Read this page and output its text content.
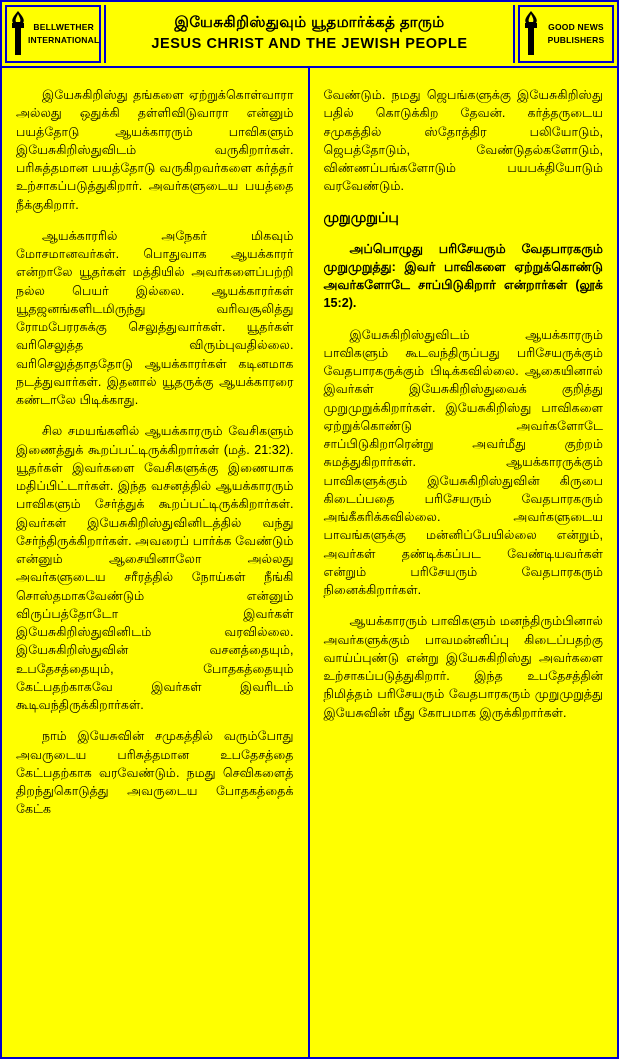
BELLWETHER
INTERNATIONAL
இயேசுகிறிஸ்துவும் யூதமார்க்கத் தாரும்
JESUS CHRIST AND THE JEWISH PEOPLE
GOOD NEWS
PUBLISHERS

இயேசுகிறிஸ்து தங்களை ஏற்றுக்கொள்வாரா அல்லது ஒதுக்கி தள்ளிவிடுவாரா என்னும் பயத்தோடு ஆயக்காரரும் பாவிகளும் இயேசுகிறிஸ்துவிடம் வருகிறார்கள். பரிசுத்தமான பயத்தோடு வருகிறவர்களை கர்த்தர் உற்சாகப்படுத்துகிறார். அவர்களுடைய பயத்தை நீக்குகிறார்.

ஆயக்காரரில் அநேகர் மிகவும் மோசமானவர்கள். பொதுவாக ஆயக்காரர் என்றாலே யூதர்கள் மத்தியில் அவர்களைப்பற்றி நல்ல பெயர் இல்லை. ஆயக்காரர்கள் யூதஜனங்களிடமிருந்து வரிவசூலித்து ரோமபேரரசுக்கு செலுத்துவார்கள். யூதர்கள் வரிசெலுத்த விரும்புவதில்லை. வரிசெலுத்தாததோடு ஆயக்காரர்கள் கடினமாக நடத்துவார்கள். இதனால் யூதருக்கு ஆயக்காரரை கண்டாலே பிடிக்காது.

சில சமயங்களில் ஆயக்காரரும் வேசிகளும் இணைத்துக் கூறப்பட்டிருக்கிறார்கள் (மத். 21:32). யூதர்கள் இவர்களை வேசிகளுக்கு இணையாக மதிப்பிட்டார்கள். இந்த வசனத்தில் ஆயக்காரரும் பாவிகளும் சேர்த்துக் கூறப்பட்டிருக்கிறார்கள். இவர்கள் இயேசுகிறிஸ்துவினிடத்தில் வந்து சேர்ந்திருக்கிறார்கள். அவரைப் பார்க்க வேண்டும் என்னும் ஆசையினாலோ அல்லது அவர்களுடைய சரீரத்தில் நோய்கள் நீங்கி சொஸ்தமாகவேண்டும் என்னும் விருப்பத்தோடோ இவர்கள் இயேசுகிறிஸ்துவினிடம் வரவில்லை. இயேசுகிறிஸ்துவின் வசனத்தையும், உபதேசத்தையும், போதகத்தையும் கேட்பதற்காகவே இவர்கள் இவரிடம் கூடிவந்திருக்கிறார்கள்.

நாம் இயேசுவின் சமுகத்தில் வரும்போது அவருடைய பரிசுத்தமான உபதேசத்தை கேட்பதற்காக வரவேண்டும். நமது செவிகளைத் திறந்துகொடுத்து அவருடைய போதகத்தைக் கேட்க

வேண்டும். நமது ஜெபங்களுக்கு இயேசுகிறிஸ்து பதில் கொடுக்கிற தேவன். கர்த்தருடைய சமுகத்தில் ஸ்தோத்திர பலியோடும், ஜெபத்தோடும், வேண்டுதல்களோடும், விண்ணப்பங்களோடும் பயபக்தியோடும் வரவேண்டும்.

முறுமுறுப்பு

அப்பொழுது பரிசேயரும் வேதபாரகரும் முறுமுறுத்து: இவர் பாவிகளை ஏற்றுக்கொண்டு அவர்களோடே சாப்பிடுகிறார் என்றார்கள் (லூக் 15:2).

இயேசுகிறிஸ்துவிடம் ஆயக்காரரும் பாவிகளும் கூடவந்திருப்பது பரிசேயருக்கும் வேதபாரகருக்கும் பிடிக்கவில்லை. ஆகையினால் இவர்கள் இயேசுகிறிஸ்துவைக் குறித்து முறுமுறுக்கிறார்கள். இயேசுகிறிஸ்து பாவிகளை ஏற்றுக்கொண்டு அவர்களோடே சாப்பிடுகிறாரென்று அவர்மீது குற்றம் சுமத்துகிறார்கள். ஆயக்காரருக்கும் பாவிகளுக்கும் இயேசுகிறிஸ்துவின் கிருபை கிடைப்பதை பரிசேயரும் வேதபாரகரும் அங்கீகரிக்கவில்லை. அவர்களுடைய பாவங்களுக்கு மன்னிப்பேயில்லை என்றும், அவர்கள் தண்டிக்கப்பட வேண்டியவர்கள் என்றும் பரிசேயரும் வேதபாரகரும் நினைக்கிறார்கள்.

ஆயக்காரரும் பாவிகளும் மனந்திரும்பினால் அவர்களுக்கும் பாவமன்னிப்பு கிடைப்பதற்கு வாய்ப்புண்டு என்று இயேசுகிறிஸ்து அவர்களை உற்சாகப்படுத்துகிறார். இந்த உபதேசத்தின் நிமித்தம் பரிசேயரும் வேதபாரகரும் முறுமுறுத்து இயேசுவின் மீது கோபமாக இருக்கிறார்கள்.
